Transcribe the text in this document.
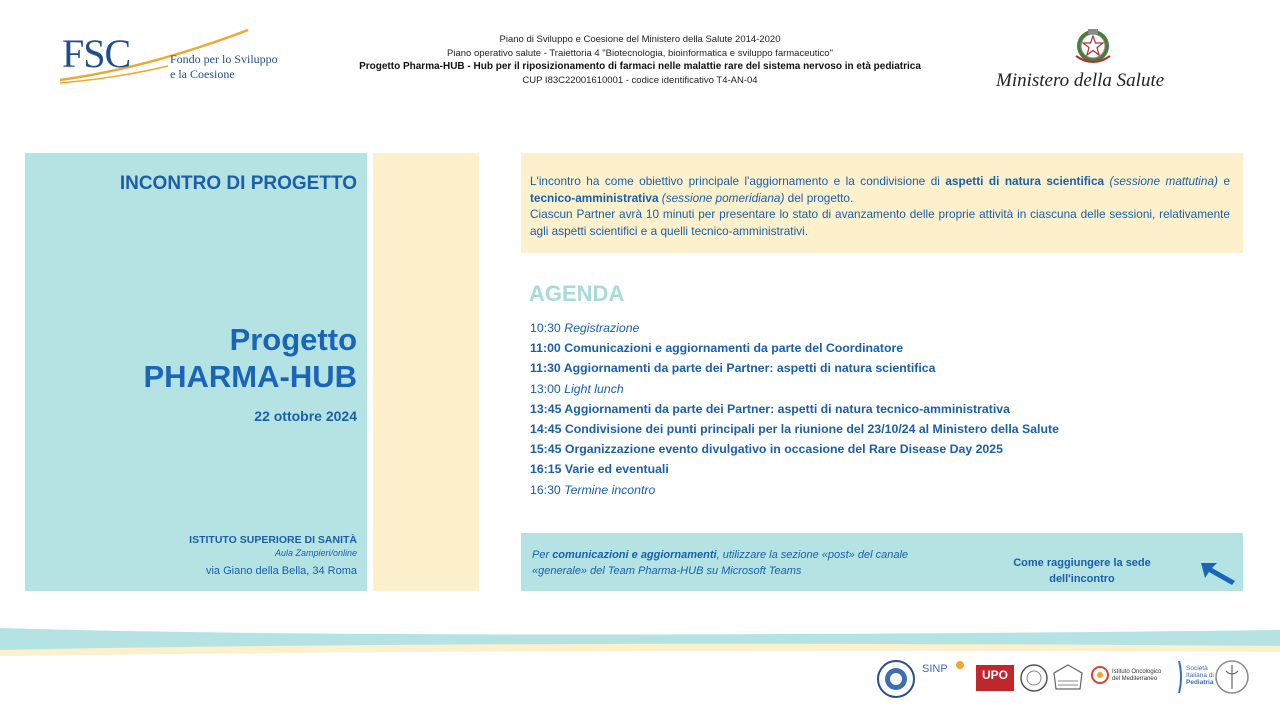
FSC	Fondo per lo Sviluppo
e la Coesione
Piano di Sviluppo e Coesione del Ministero della Salute 2014-2020
Piano operativo salute - Traiettoria 4 "Biotecnologia, bioinformatica e sviluppo farmaceutico"
Progetto Pharma-HUB - Hub per il riposizionamento di farmaci nelle malattie rare del sistema nervoso in età pediatrica
CUP I83C22001610001 - codice identificativo T4-AN-04	Ministero della Salute
INCONTRO DI PROGETTO
Progetto
PHARMA-HUB
22 ottobre 2024
ISTITUTO SUPERIORE DI SANITÀ
Aula Zampieri/online
via Giano della Bella, 34 Roma
L'incontro ha come obiettivo principale l'aggiornamento e la condivisione di aspetti di natura scientifica (sessione mattutina) e tecnico-amministrativa (sessione pomeridiana) del progetto.
Ciascun Partner avrà 10 minuti per presentare lo stato di avanzamento delle proprie attività in ciascuna delle sessioni, relativamente agli aspetti scientifici e a quelli tecnico-amministrativi.
AGENDA
10:30 Registrazione
11:00 Comunicazioni e aggiornamenti da parte del Coordinatore
11:30 Aggiornamenti da parte dei Partner: aspetti di natura scientifica
13:00 Light lunch
13:45 Aggiornamenti da parte dei Partner: aspetti di natura tecnico-amministrativa
14:45 Condivisione dei punti principali per la riunione del 23/10/24 al Ministero della Salute
15:45 Organizzazione evento divulgativo in occasione del Rare Disease Day 2025
16:15 Varie ed eventuali
16:30 Termine incontro
Per comunicazioni e aggiornamenti, utilizzare la sezione «post» del canale «generale» del Team Pharma-HUB su Microsoft Teams
Come raggiungere la sede
dell'incontro
SINP	UPO	Istituto Oncologico del Mediterraneo
Società
Italiana di
Pediatria
